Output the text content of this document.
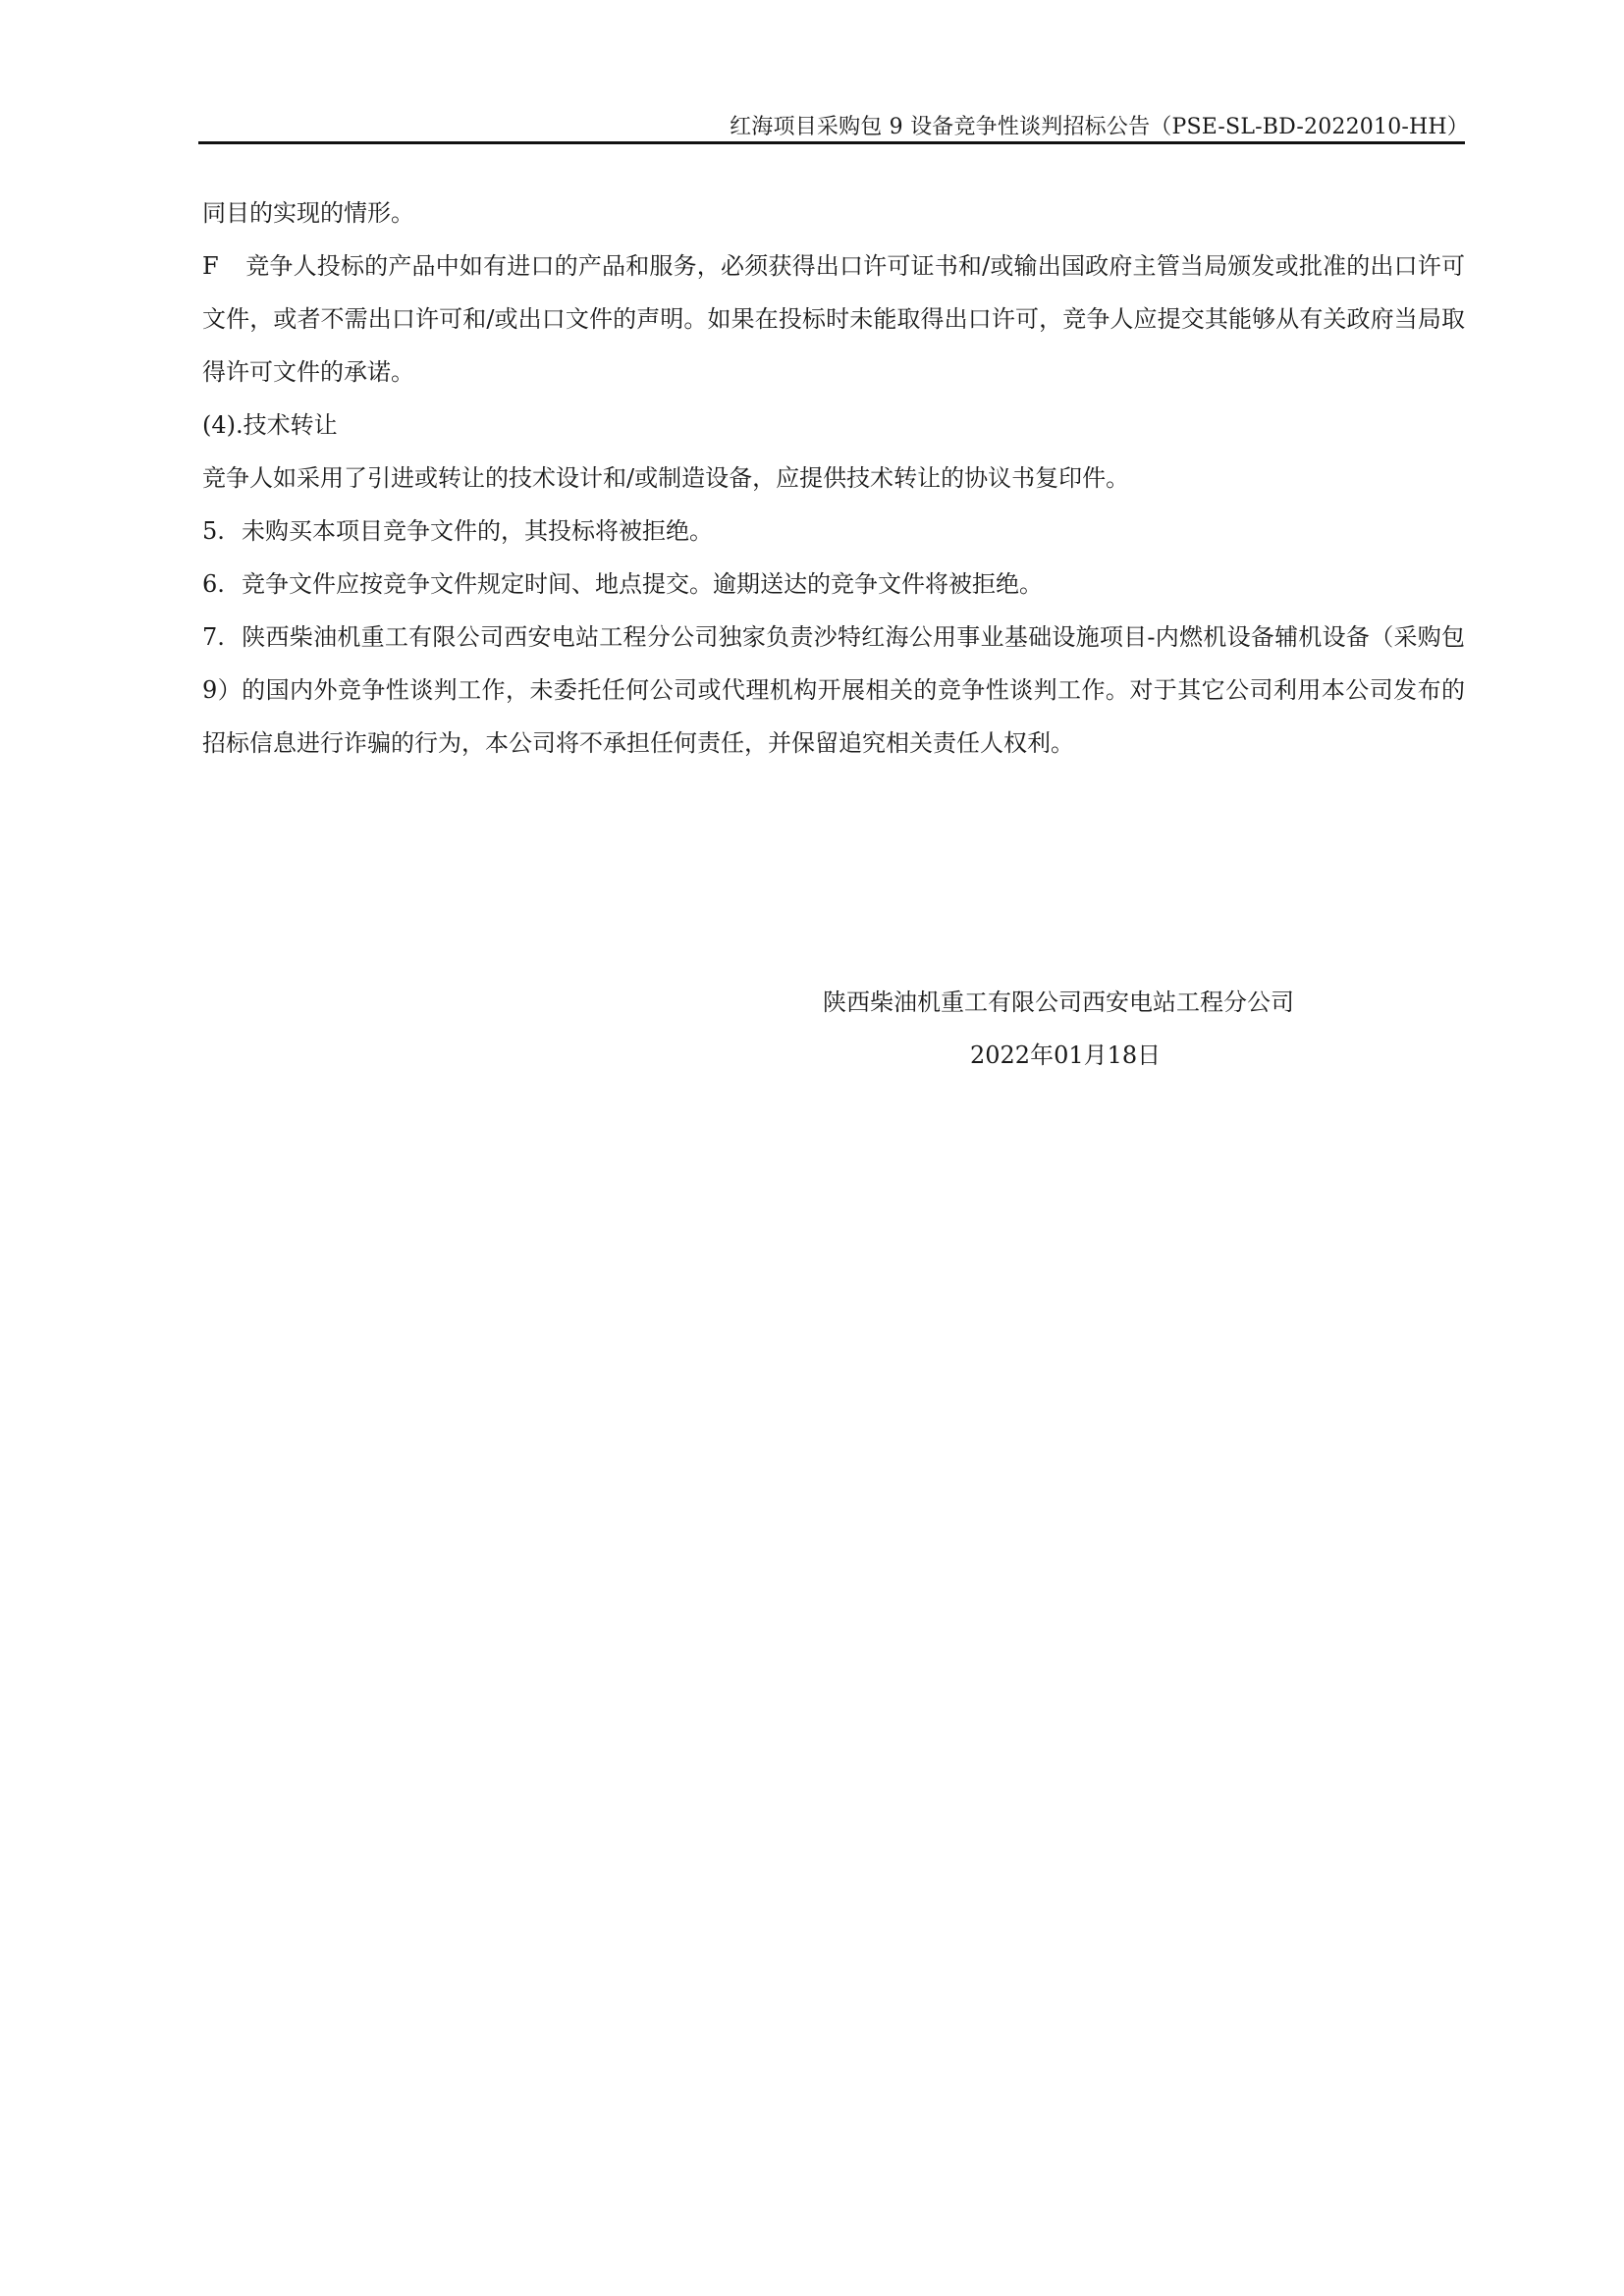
红海项目采购包 9 设备竞争性谈判招标公告（PSE-SL-BD-2022010-HH）

同目的实现的情形。

F 竞争人投标的产品中如有进口的产品和服务，必须获得出口许可证书和/或输出国政府主管当局颁发或批准的出口许可文件，或者不需出口许可和/或出口文件的声明。如果在投标时未能取得出口许可，竞争人应提交其能够从有关政府当局取得许可文件的承诺。

(4).技术转让

竞争人如采用了引进或转让的技术设计和/或制造设备，应提供技术转让的协议书复印件。

5. 未购买本项目竞争文件的，其投标将被拒绝。

6. 竞争文件应按竞争文件规定时间、地点提交。逾期送达的竞争文件将被拒绝。

7. 陕西柴油机重工有限公司西安电站工程分公司独家负责沙特红海公用事业基础设施项目-内燃机设备辅机设备（采购包 9）的国内外竞争性谈判工作，未委托任何公司或代理机构开展相关的竞争性谈判工作。对于其它公司利用本公司发布的招标信息进行诈骗的行为，本公司将不承担任何责任，并保留追究相关责任人权利。

陕西柴油机重工有限公司西安电站工程分公司
2022年01月18日
